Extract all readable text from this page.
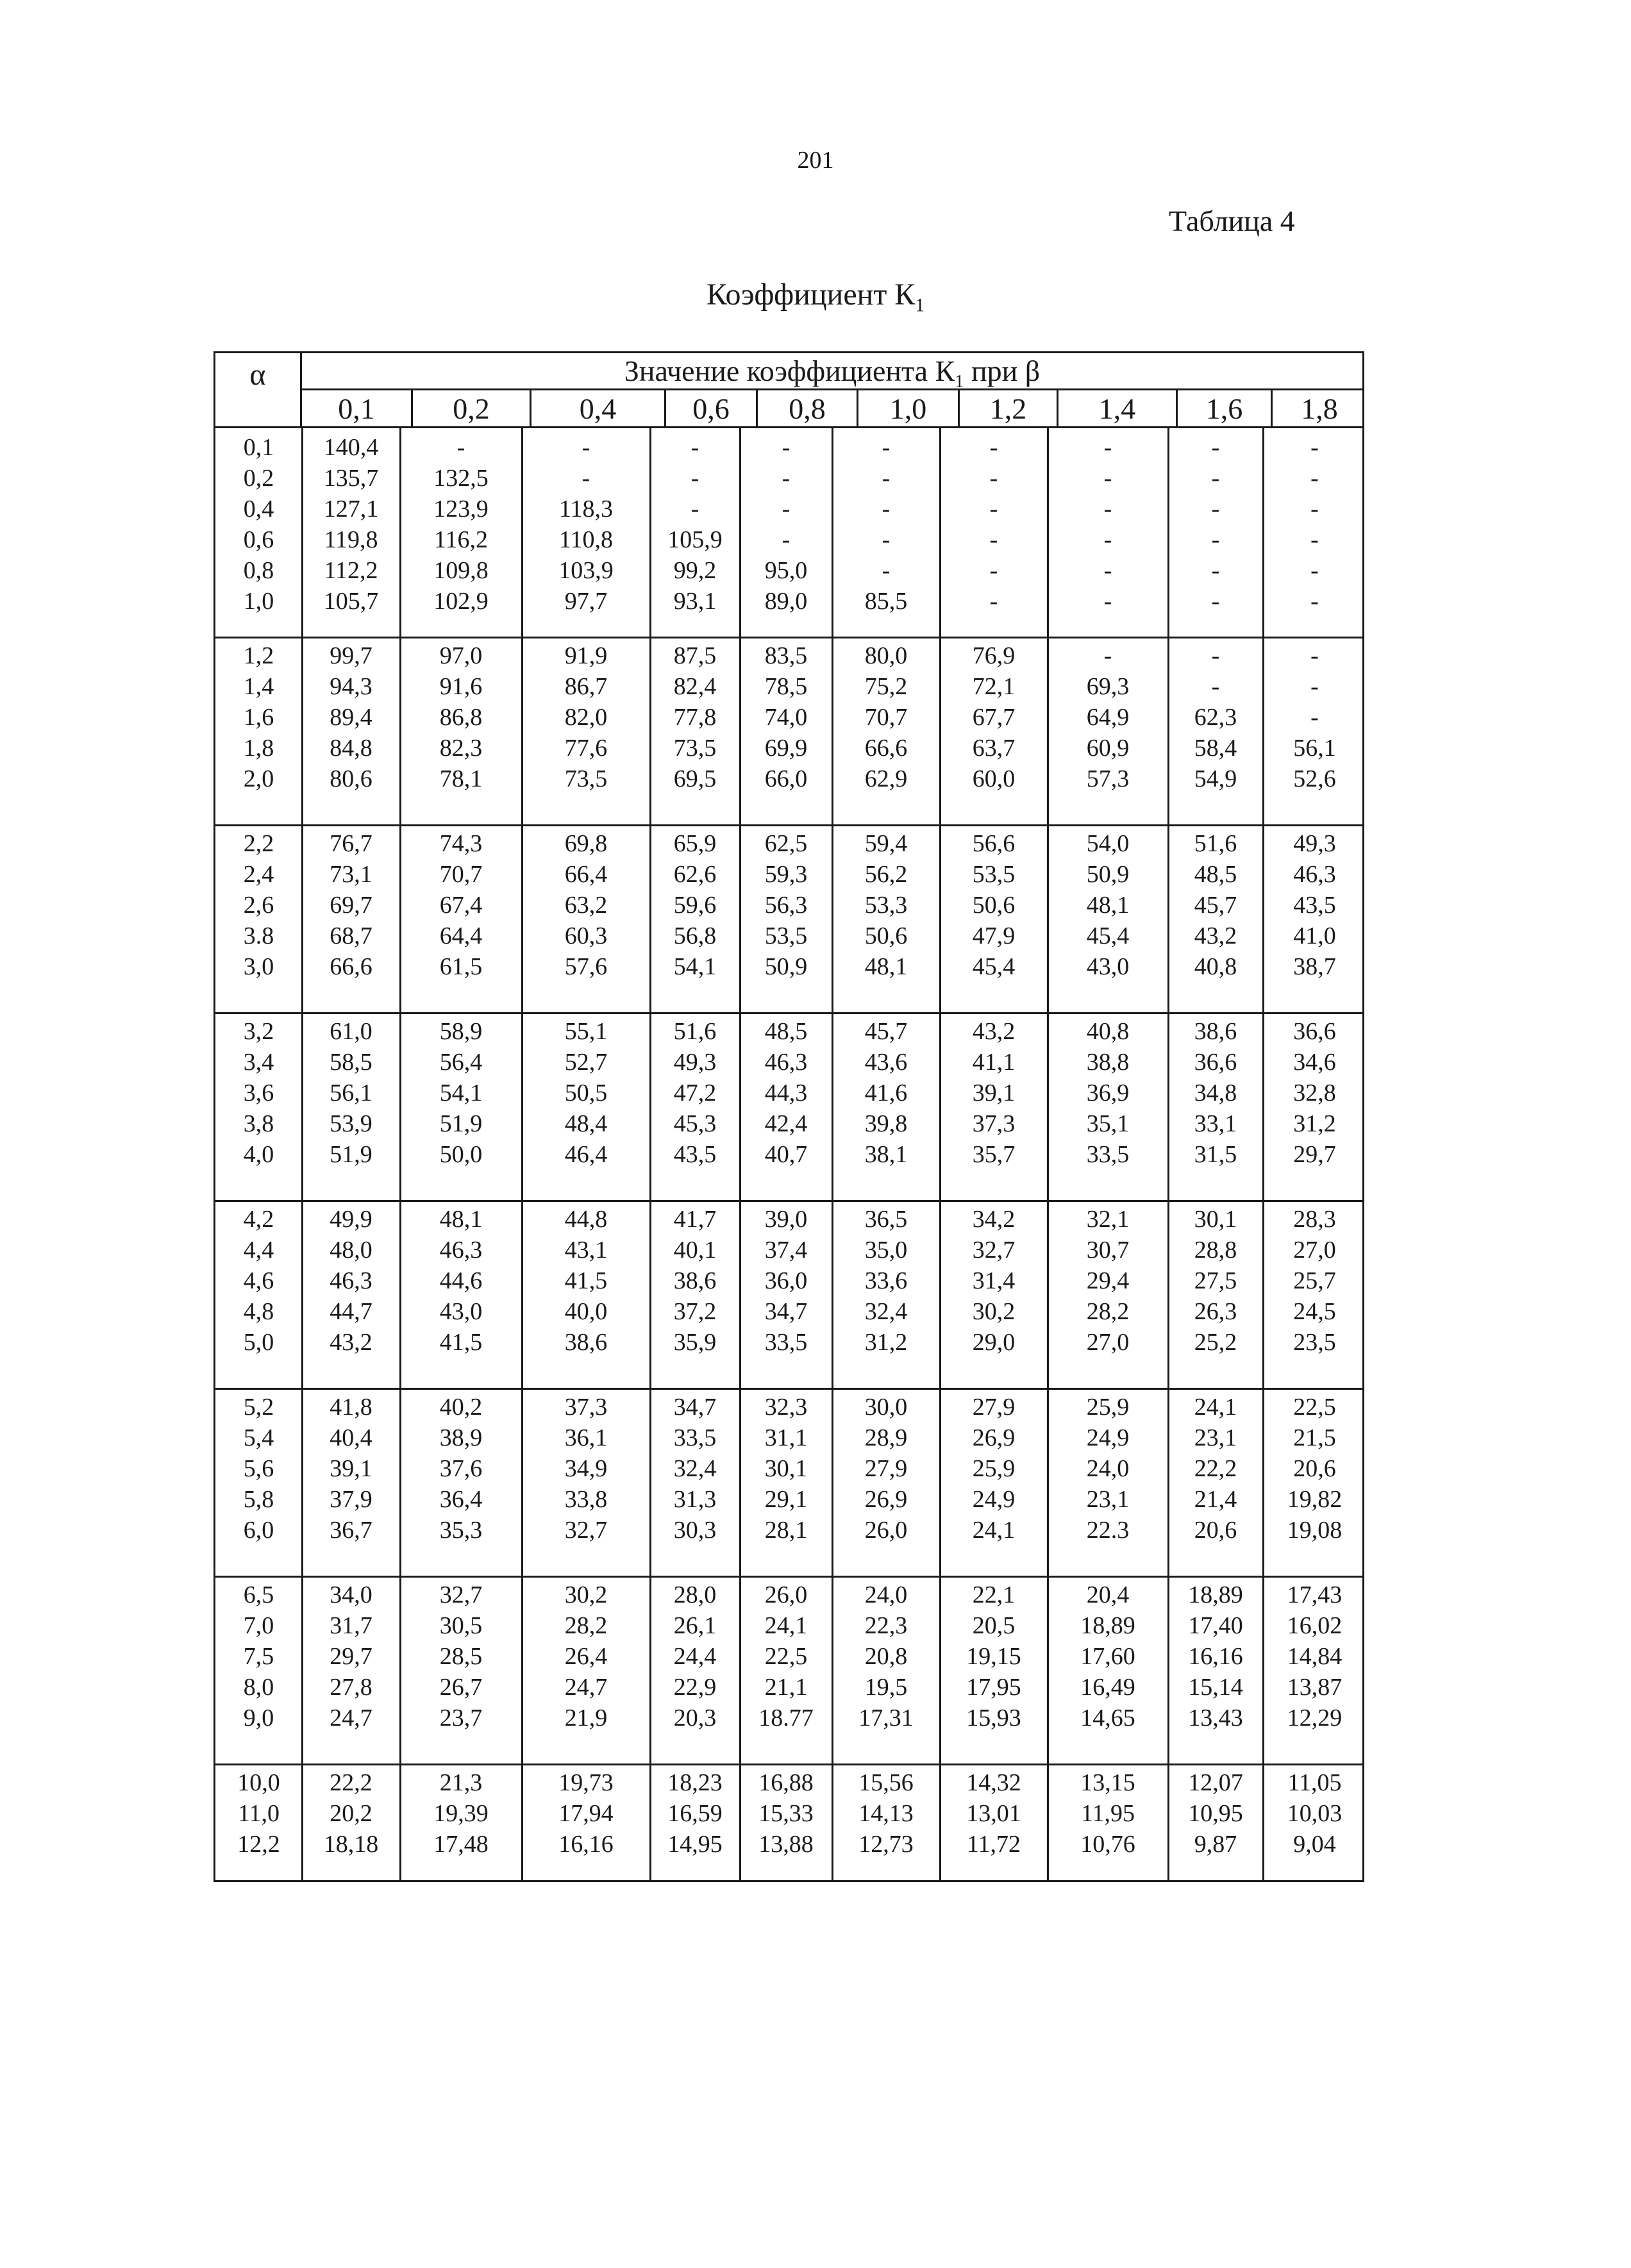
201
Таблица 4
Коэффициент $К_1$
α	Значение коэффициента $К_1$ при β
0,1	0,2	0,4	0,6	0,8	1,0	1,2	1,4	1,6	1,8
0,1	140,4	-	-	-	-	-	-	-	-	-
0,2	135,7	132,5	-	-	-	-	-	-	-	-
0,4	127,1	123,9	118,3	-	-	-	-	-	-	-
0,6	119,8	116,2	110,8	105,9	-	-	-	-	-	-
0,8	112,2	109,8	103,9	99,2	95,0	-	-	-	-	-
1,0	105,7	102,9	97,7	93,1	89,0	85,5	-	-	-	-
1,2	99,7	97,0	91,9	87,5	83,5	80,0	76,9	-	-	-
1,4	94,3	91,6	86,7	82,4	78,5	75,2	72,1	69,3	-	-
1,6	89,4	86,8	82,0	77,8	74,0	70,7	67,7	64,9	62,3	-
1,8	84,8	82,3	77,6	73,5	69,9	66,6	63,7	60,9	58,4	56,1
2,0	80,6	78,1	73,5	69,5	66,0	62,9	60,0	57,3	54,9	52,6
2,2	76,7	74,3	69,8	65,9	62,5	59,4	56,6	54,0	51,6	49,3
2,4	73,1	70,7	66,4	62,6	59,3	56,2	53,5	50,9	48,5	46,3
2,6	69,7	67,4	63,2	59,6	56,3	53,3	50,6	48,1	45,7	43,5
3.8	68,7	64,4	60,3	56,8	53,5	50,6	47,9	45,4	43,2	41,0
3,0	66,6	61,5	57,6	54,1	50,9	48,1	45,4	43,0	40,8	38,7
3,2	61,0	58,9	55,1	51,6	48,5	45,7	43,2	40,8	38,6	36,6
3,4	58,5	56,4	52,7	49,3	46,3	43,6	41,1	38,8	36,6	34,6
3,6	56,1	54,1	50,5	47,2	44,3	41,6	39,1	36,9	34,8	32,8
3,8	53,9	51,9	48,4	45,3	42,4	39,8	37,3	35,1	33,1	31,2
4,0	51,9	50,0	46,4	43,5	40,7	38,1	35,7	33,5	31,5	29,7
4,2	49,9	48,1	44,8	41,7	39,0	36,5	34,2	32,1	30,1	28,3
4,4	48,0	46,3	43,1	40,1	37,4	35,0	32,7	30,7	28,8	27,0
4,6	46,3	44,6	41,5	38,6	36,0	33,6	31,4	29,4	27,5	25,7
4,8	44,7	43,0	40,0	37,2	34,7	32,4	30,2	28,2	26,3	24,5
5,0	43,2	41,5	38,6	35,9	33,5	31,2	29,0	27,0	25,2	23,5
5,2	41,8	40,2	37,3	34,7	32,3	30,0	27,9	25,9	24,1	22,5
5,4	40,4	38,9	36,1	33,5	31,1	28,9	26,9	24,9	23,1	21,5
5,6	39,1	37,6	34,9	32,4	30,1	27,9	25,9	24,0	22,2	20,6
5,8	37,9	36,4	33,8	31,3	29,1	26,9	24,9	23,1	21,4	19,82
6,0	36,7	35,3	32,7	30,3	28,1	26,0	24,1	22.3	20,6	19,08
6,5	34,0	32,7	30,2	28,0	26,0	24,0	22,1	20,4	18,89	17,43
7,0	31,7	30,5	28,2	26,1	24,1	22,3	20,5	18,89	17,40	16,02
7,5	29,7	28,5	26,4	24,4	22,5	20,8	19,15	17,60	16,16	14,84
8,0	27,8	26,7	24,7	22,9	21,1	19,5	17,95	16,49	15,14	13,87
9,0	24,7	23,7	21,9	20,3	18.77	17,31	15,93	14,65	13,43	12,29
10,0	22,2	21,3	19,73	18,23	16,88	15,56	14,32	13,15	12,07	11,05
11,0	20,2	19,39	17,94	16,59	15,33	14,13	13,01	11,95	10,95	10,03
12,2	18,18	17,48	16,16	14,95	13,88	12,73	11,72	10,76	9,87	9,04
